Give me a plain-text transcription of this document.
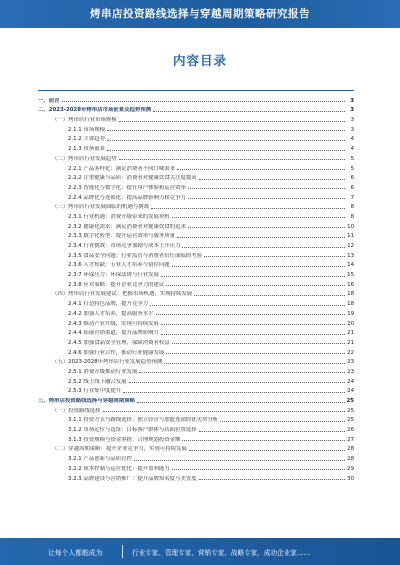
烤串店投资路线选择与穿越周期策略研究报告
内容目录
一、前言	3
二、2023-2028年烤串店市场前景及趋势预测	3
（一）烤串店行业市场规模	3
2.1.1 市场规模	3
2.1.2 主要趋势	4
2.1.3 市场前景	4
（二）烤串店行业发展趋势	5
2.2.1 产品多样化：满足消费者不同口味需求	5
2.2.2 注重健康与品质：消费者对健康饮食关注度提高	6
2.2.3 智能化与数字化：提升用户体验和运营效率	6
2.2.4 品牌化与连锁化：提高品牌影响力和竞争力	7
（三）烤串店行业发展面临的机遇与挑战	8
2.3.1 行业机遇：消费升级带来的发展契机	8
2.3.2 健康化需求：满足消费者对健康饮食的追求	10
2.3.3 数字化转型：提升运营效率与服务质量	11
2.3.4 行业挑战：市场竞争加剧与成本上升压力	12
2.3.5 食品安全问题：行业监管与消费者信任面临的考验	13
2.3.6 人才短缺：专业人才培养与留存问题	14
2.3.7 环保压力：环保法规与行业发展	15
2.3.8 应对策略：提升企业竞争力的建议	16
（四）烤串店行业发展建议：把握市场机遇，实现持续发展	18
2.4.1 打造特色品牌，提升竞争力	18
2.4.2 加强人才培养，提高服务水平	19
2.4.3 推动产业升级，实现可持续发展	20
2.4.4 拓展营销渠道，提升品牌影响力	21
2.4.5 加强食品安全管理，保障消费者权益	21
2.4.6 加强行业合作，推动行业健康发展	22
（五）2023-2028年烤串店行业发展趋势预测	23
2.5.1 消费升级推动行业发展	23
2.5.2 线上线下融合发展	24
2.5.3 行业集中度提升	24
三、烤串店投资路线选择与穿越周期策略	25
（一）投资路线选择	25
3.1.1 投资方式与路线选择：独立经营与加盟连锁的优劣势分析	25
3.1.2 市场定位与选址：目标客户群体与店面位置选择	26
3.1.3 投资规模与资金筹措：合理规划投资金额	27
（二）穿越周期策略：提升企业竞争力，实现可持续发展	28
3.2.1 产品创新与品质管控	28
3.2.2 成本控制与运营优化：提升盈利能力	29
3.2.3 品牌建设与营销推广：提升品牌知名度与美誉度	30
让每个人都能成为	行业专家、管理专家、营销专家、战略专家、成功企业家……
